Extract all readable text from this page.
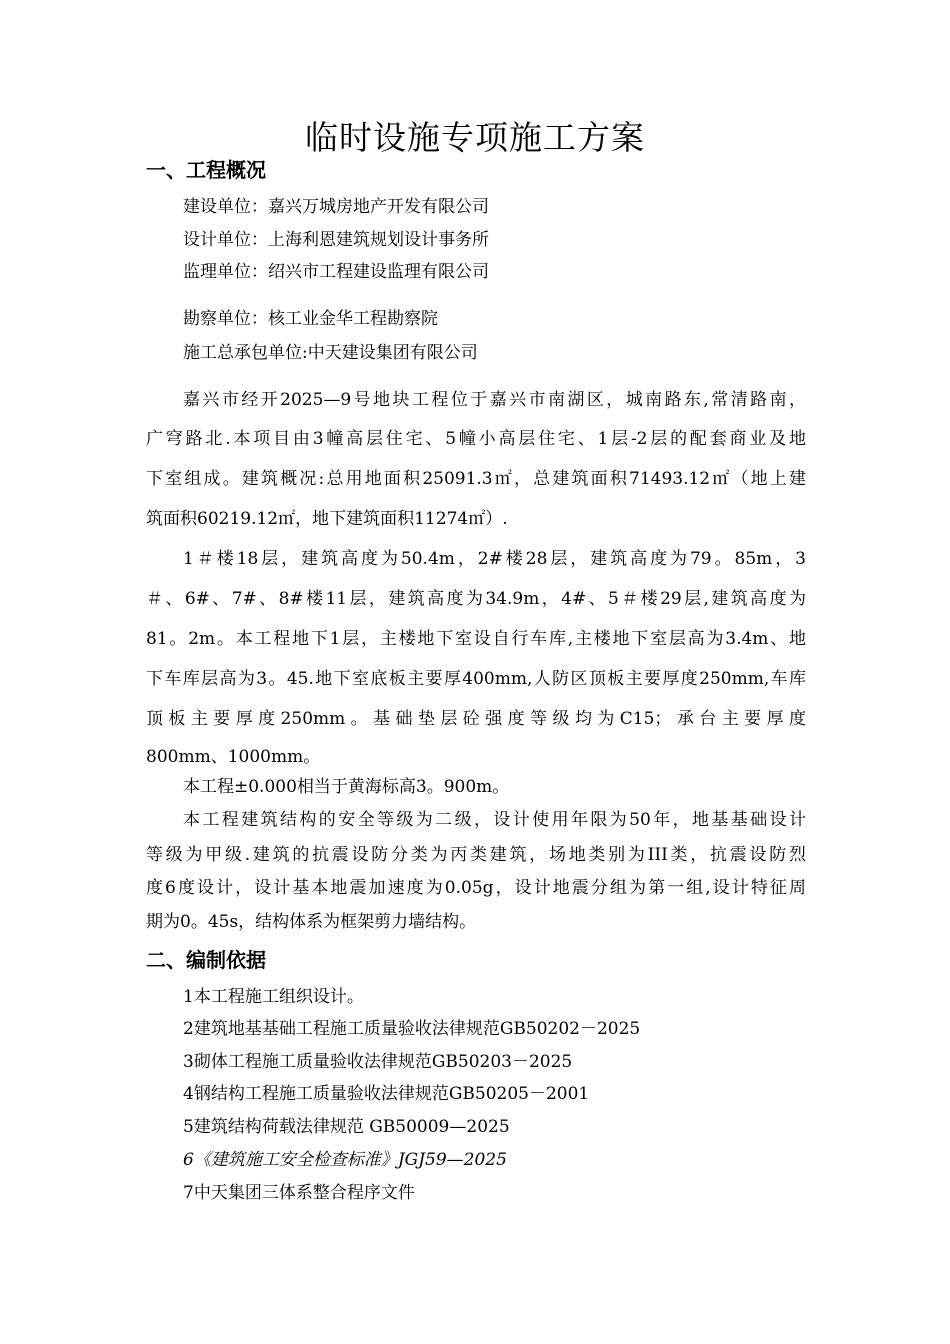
临时设施专项施工方案
一、工程概况
建设单位：嘉兴万城房地产开发有限公司
设计单位：上海利恩建筑规划设计事务所
监理单位：绍兴市工程建设监理有限公司
勘察单位：核工业金华工程勘察院
施工总承包单位:中天建设集团有限公司
嘉兴市经开2025—9号地块工程位于嘉兴市南湖区，城南路东,常清路南，
广穹路北.本项目由3幢高层住宅、5幢小高层住宅、1层-2层的配套商业及地
下室组成。建筑概况:总用地面积25091.3㎡，总建筑面积71493.12㎡（地上建
筑面积60219.12㎡，地下建筑面积11274㎡）.
1＃楼18层，建筑高度为50.4m，2#楼28层，建筑高度为79。85m，3
＃、6#、7#、8#楼11层，建筑高度为34.9m，4#、5＃楼29层,建筑高度为
81。2m。本工程地下1层，主楼地下室设自行车库,主楼地下室层高为3.4m、地
下车库层高为3。45.地下室底板主要厚400mm,人防区顶板主要厚度250mm,车库
顶板主要厚度250mm。基础垫层砼强度等级均为C15；承台主要厚度
800mm、1000mm。
本工程±0.000相当于黄海标高3。900m。
本工程建筑结构的安全等级为二级，设计使用年限为50年，地基基础设计
等级为甲级.建筑的抗震设防分类为丙类建筑，场地类别为III类，抗震设防烈
度6度设计，设计基本地震加速度为0.05g，设计地震分组为第一组,设计特征周
期为0。45s，结构体系为框架剪力墙结构。
二、编制依据
1本工程施工组织设计。
2建筑地基基础工程施工质量验收法律规范GB50202－2025
3砌体工程施工质量验收法律规范GB50203－2025
4钢结构工程施工质量验收法律规范GB50205－2001
5建筑结构荷载法律规范 GB50009—2025
6《建筑施工安全检查标准》JGJ59—2025
7中天集团三体系整合程序文件
